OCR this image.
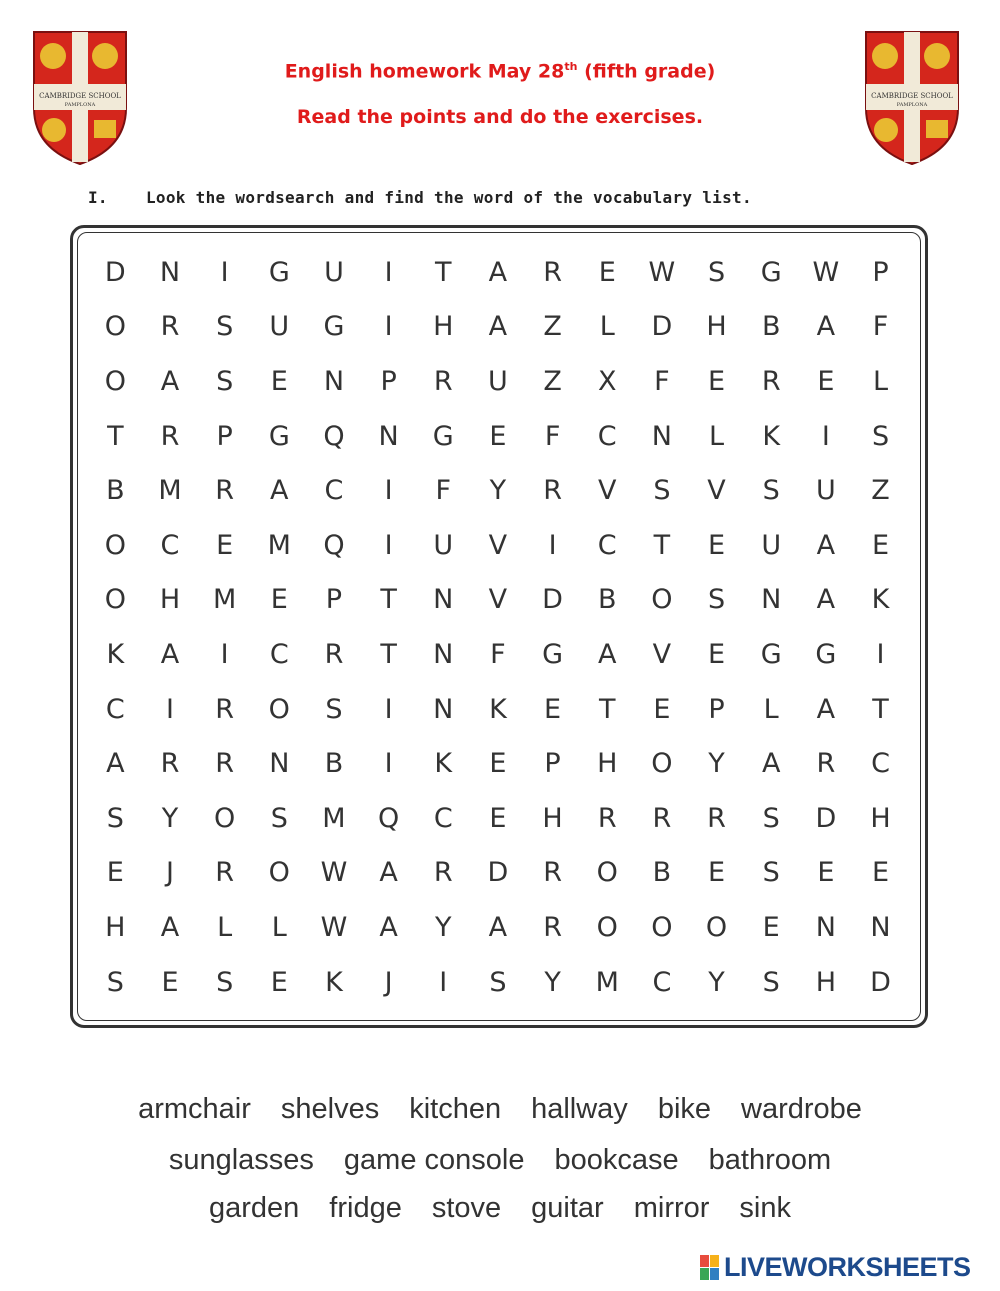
CAMBRIDGE SCHOOL
PAMPLONA
CAMBRIDGE SCHOOL
PAMPLONA
English homework May 28th (fifth grade)
Read the points and do the exercises.
I. Look the wordsearch and find the word of the vocabulary list.
D	N	I	G	U	I	T	A	R	E	W	S	G	W	P
O	R	S	U	G	I	H	A	Z	L	D	H	B	A	F
O	A	S	E	N	P	R	U	Z	X	F	E	R	E	L
T	R	P	G	Q	N	G	E	F	C	N	L	K	I	S
B	M	R	A	C	I	F	Y	R	V	S	V	S	U	Z
O	C	E	M	Q	I	U	V	I	C	T	E	U	A	E
O	H	M	E	P	T	N	V	D	B	O	S	N	A	K
K	A	I	C	R	T	N	F	G	A	V	E	G	G	I
C	I	R	O	S	I	N	K	E	T	E	P	L	A	T
A	R	R	N	B	I	K	E	P	H	O	Y	A	R	C
S	Y	O	S	M	Q	C	E	H	R	R	R	S	D	H
E	J	R	O	W	A	R	D	R	O	B	E	S	E	E
H	A	L	L	W	A	Y	A	R	O	O	O	E	N	N
S	E	S	E	K	J	I	S	Y	M	C	Y	S	H	D
armchair shelves kitchen hallway bike wardrobe
sunglasses game console bookcase bathroom
garden fridge stove guitar mirror sink
LIVEWORKSHEETS
